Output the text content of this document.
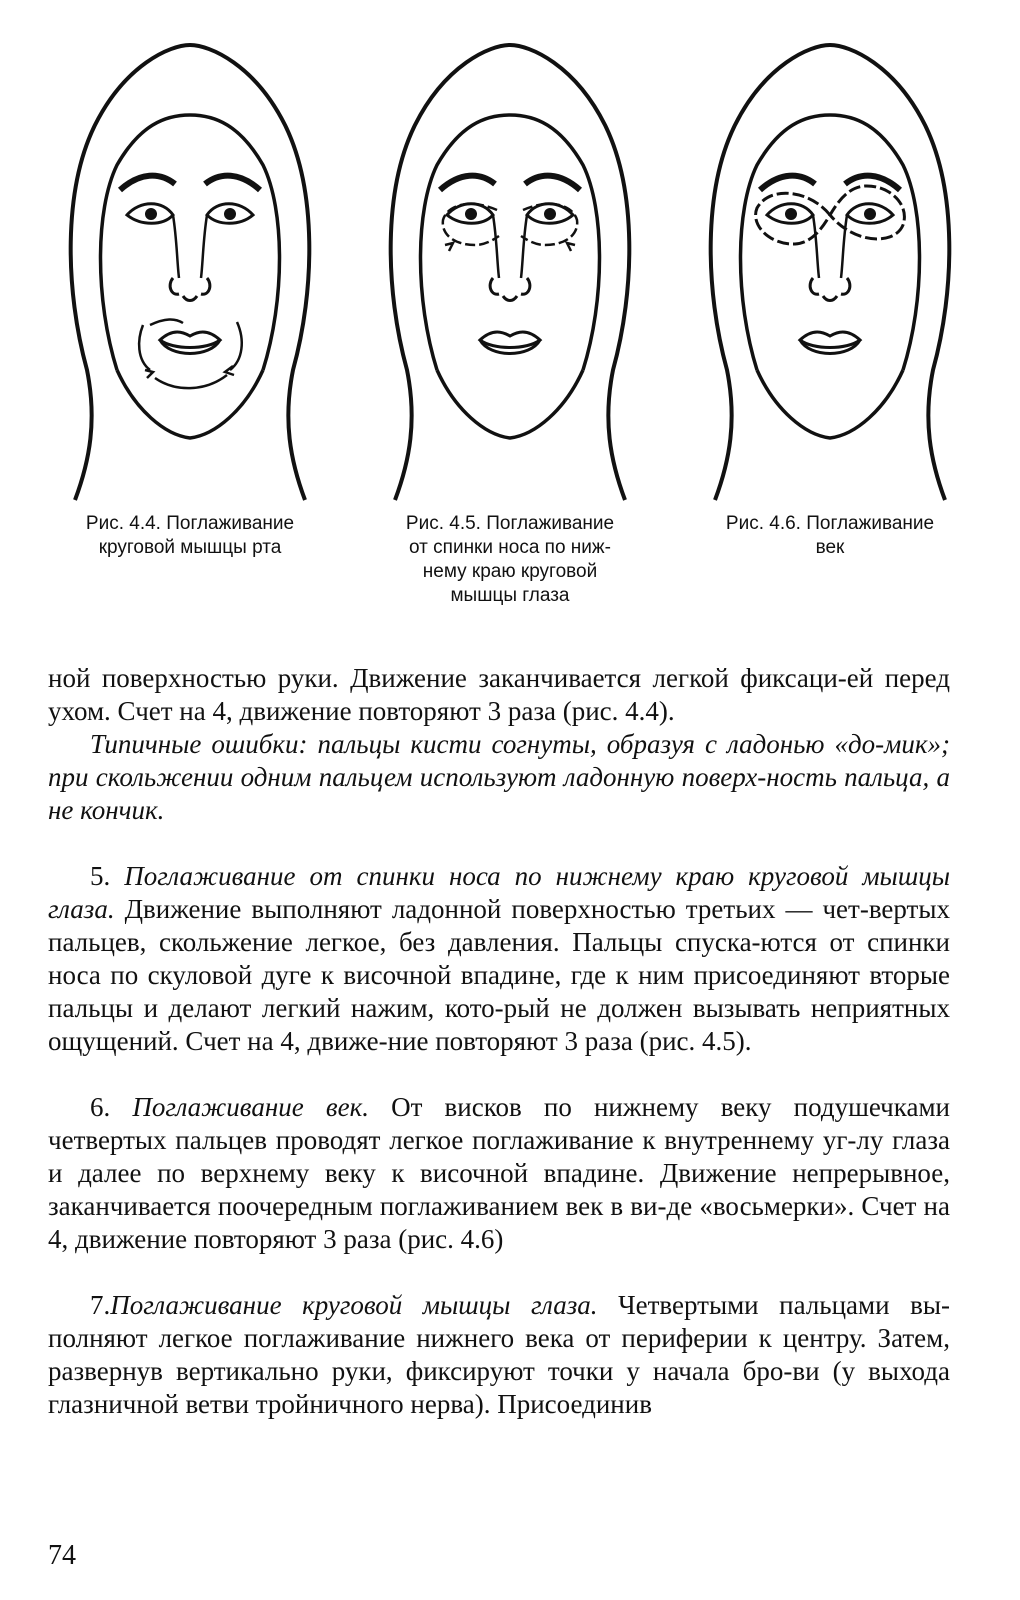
Рис. 4.4. Поглаживание
круговой мышцы рта
Рис. 4.5. Поглаживание
от спинки носа по ниж-
нему краю круговой
мышцы глаза
Рис. 4.6. Поглаживание
век

ной поверхностью руки. Движение заканчивается легкой фиксаци-ей перед ухом. Счет на 4, движение повторяют 3 раза (рис. 4.4).

Типичные ошибки: пальцы кисти согнуты, образуя с ладонью «до-мик»; при скольжении одним пальцем используют ладонную поверх-ность пальца, а не кончик.

5. Поглаживание от спинки носа по нижнему краю круговой мышцы глаза. Движение выполняют ладонной поверхностью третьих — чет-вертых пальцев, скольжение легкое, без давления. Пальцы спуска-ются от спинки носа по скуловой дуге к височной впадине, где к ним присоединяют вторые пальцы и делают легкий нажим, кото-рый не должен вызывать неприятных ощущений. Счет на 4, движе-ние повторяют 3 раза (рис. 4.5).

6. Поглаживание век. От висков по нижнему веку подушечками четвертых пальцев проводят легкое поглаживание к внутреннему уг-лу глаза и далее по верхнему веку к височной впадине. Движение непрерывное, заканчивается поочередным поглаживанием век в ви-де «восьмерки». Счет на 4, движение повторяют 3 раза (рис. 4.6)

7.Поглаживание круговой мышцы глаза. Четвертыми пальцами вы-полняют легкое поглаживание нижнего века от периферии к центру. Затем, развернув вертикально руки, фиксируют точки у начала бро-ви (у выхода глазничной ветви тройничного нерва). Присоединив

74
